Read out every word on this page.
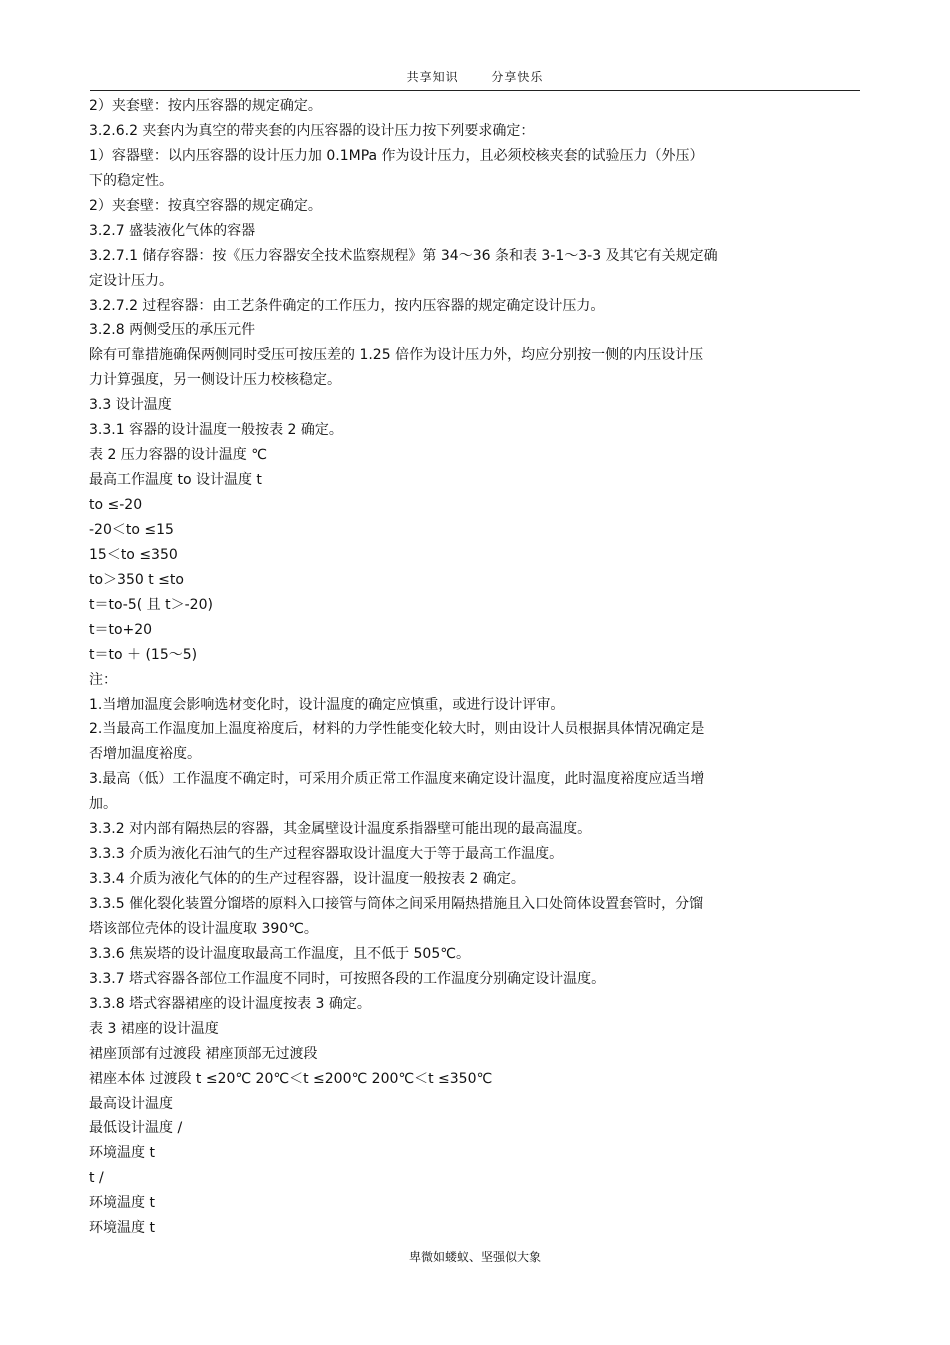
共享知识	分享快乐
2）夹套壁：按内压容器的规定确定。
3.2.6.2 夹套内为真空的带夹套的内压容器的设计压力按下列要求确定：
1）容器壁：以内压容器的设计压力加 0.1MPa 作为设计压力，且必须校核夹套的试验压力（外压）
下的稳定性。
2）夹套壁：按真空容器的规定确定。
3.2.7 盛装液化气体的容器
3.2.7.1 储存容器：按《压力容器安全技术监察规程》第 34～36 条和表 3-1～3-3 及其它有关规定确
定设计压力。
3.2.7.2 过程容器：由工艺条件确定的工作压力，按内压容器的规定确定设计压力。
3.2.8 两侧受压的承压元件
除有可靠措施确保两侧同时受压可按压差的 1.25 倍作为设计压力外，均应分别按一侧的内压设计压
力计算强度，另一侧设计压力校核稳定。
3.3 设计温度
3.3.1 容器的设计温度一般按表 2 确定。
表 2 压力容器的设计温度 ℃
最高工作温度 to 设计温度 t
to ≤-20
-20＜to ≤15
15＜to ≤350
to＞350 t ≤to
t＝to-5( 且 t＞-20)
t＝to+20
t＝to ＋ (15～5)
注：
1.当增加温度会影响选材变化时，设计温度的确定应慎重，或进行设计评审。
2.当最高工作温度加上温度裕度后，材料的力学性能变化较大时，则由设计人员根据具体情况确定是
否增加温度裕度。
3.最高（低）工作温度不确定时，可采用介质正常工作温度来确定设计温度，此时温度裕度应适当增
加。
3.3.2 对内部有隔热层的容器，其金属壁设计温度系指器壁可能出现的最高温度。
3.3.3 介质为液化石油气的生产过程容器取设计温度大于等于最高工作温度。
3.3.4 介质为液化气体的的生产过程容器，设计温度一般按表 2 确定。
3.3.5 催化裂化装置分馏塔的原料入口接管与筒体之间采用隔热措施且入口处筒体设置套管时，分馏
塔该部位壳体的设计温度取 390℃。
3.3.6 焦炭塔的设计温度取最高工作温度，且不低于 505℃。
3.3.7 塔式容器各部位工作温度不同时，可按照各段的工作温度分别确定设计温度。
3.3.8 塔式容器裙座的设计温度按表 3 确定。
表 3 裙座的设计温度
裙座顶部有过渡段 裙座顶部无过渡段
裙座本体 过渡段 t ≤20℃ 20℃＜t ≤200℃ 200℃＜t ≤350℃
最高设计温度
最低设计温度 /
环境温度 t
t /
环境温度 t
环境温度 t
卑微如蝼蚁、坚强似大象
